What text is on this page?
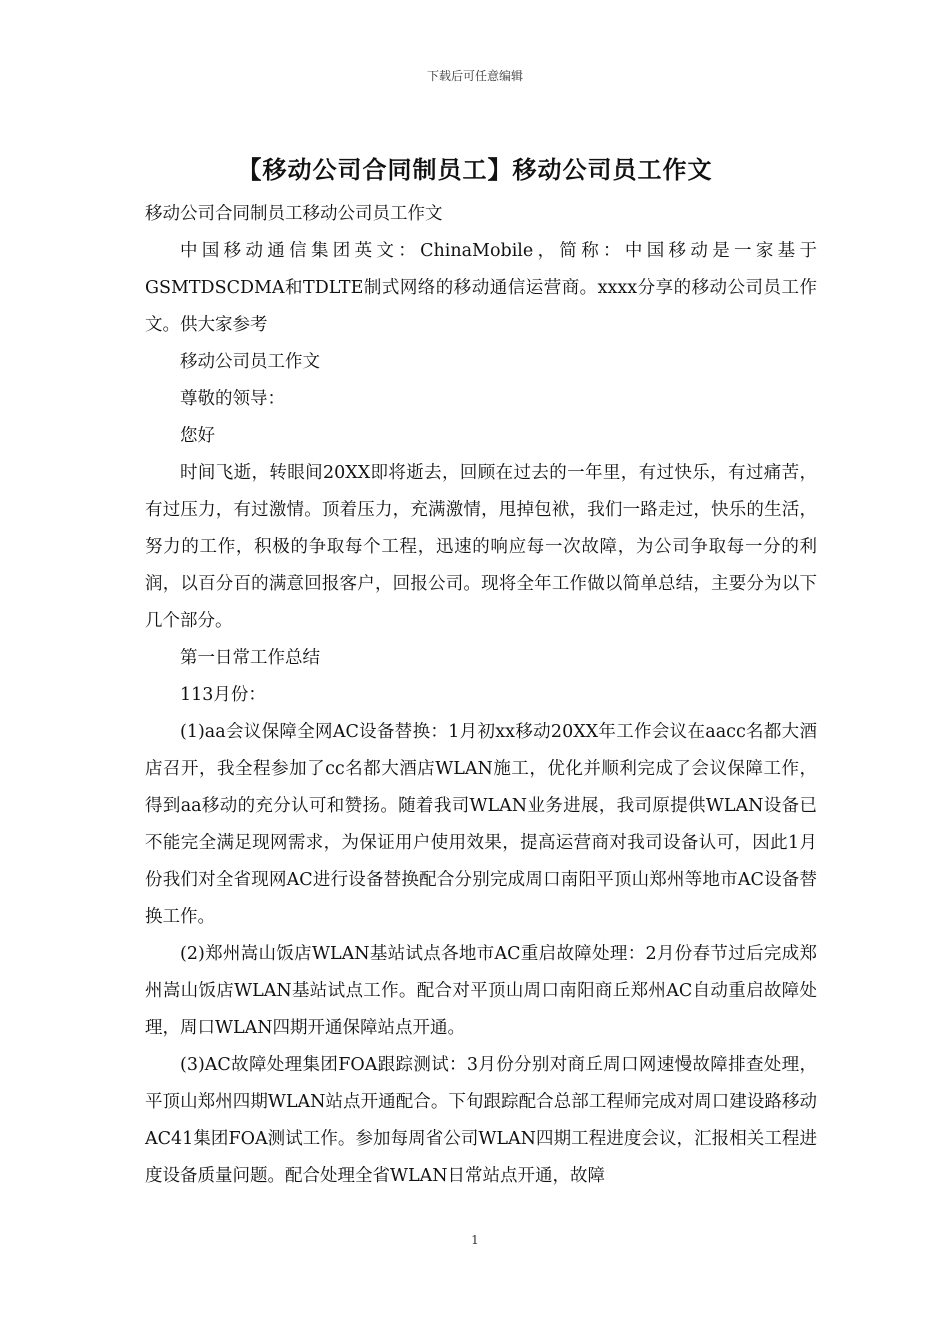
下载后可任意编辑
【移动公司合同制员工】移动公司员工作文

移动公司合同制员工移动公司员工作文

中国移动通信集团英文：ChinaMobile，简称：中国移动是一家基于GSMTDSCDMA和TDLTE制式网络的移动通信运营商。xxxx分享的移动公司员工作文。供大家参考

移动公司员工作文

尊敬的领导：

您好

时间飞逝，转眼间20XX即将逝去，回顾在过去的一年里，有过快乐，有过痛苦，有过压力，有过激情。顶着压力，充满激情，甩掉包袱，我们一路走过，快乐的生活，努力的工作，积极的争取每个工程，迅速的响应每一次故障，为公司争取每一分的利润，以百分百的满意回报客户，回报公司。现将全年工作做以简单总结，主要分为以下几个部分。

第一日常工作总结

113月份：

(1)aa会议保障全网AC设备替换：1月初xx移动20XX年工作会议在aacc名都大酒店召开，我全程参加了cc名都大酒店WLAN施工，优化并顺利完成了会议保障工作，得到aa移动的充分认可和赞扬。随着我司WLAN业务进展，我司原提供WLAN设备已不能完全满足现网需求，为保证用户使用效果，提高运营商对我司设备认可，因此1月份我们对全省现网AC进行设备替换配合分别完成周口南阳平顶山郑州等地市AC设备替换工作。

(2)郑州嵩山饭店WLAN基站试点各地市AC重启故障处理：2月份春节过后完成郑州嵩山饭店WLAN基站试点工作。配合对平顶山周口南阳商丘郑州AC自动重启故障处理，周口WLAN四期开通保障站点开通。

(3)AC故障处理集团FOA跟踪测试：3月份分别对商丘周口网速慢故障排查处理，平顶山郑州四期WLAN站点开通配合。下旬跟踪配合总部工程师完成对周口建设路移动AC41集团FOA测试工作。参加每周省公司WLAN四期工程进度会议，汇报相关工程进度设备质量问题。配合处理全省WLAN日常站点开通，故障

1
